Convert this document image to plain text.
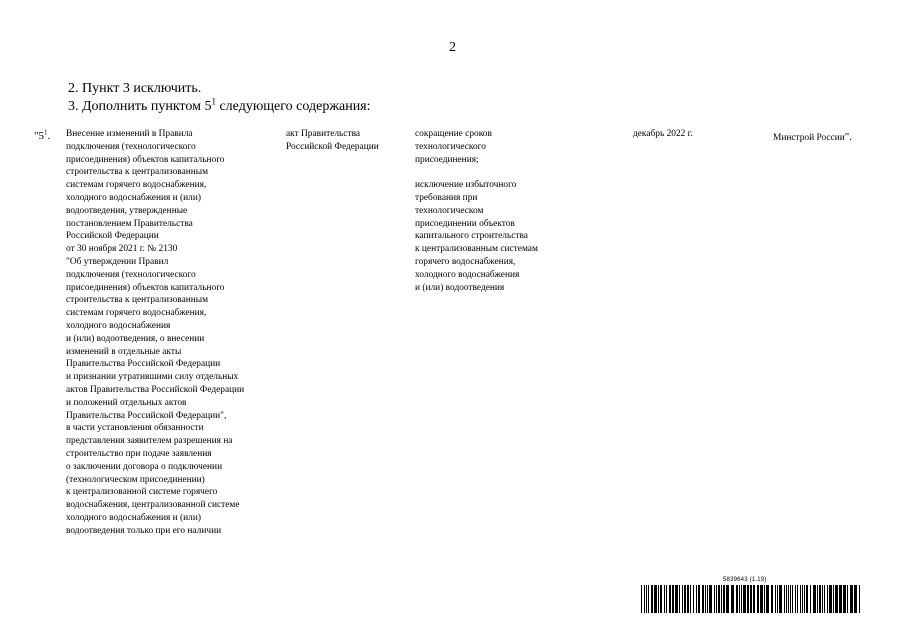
2
2. Пункт 3 исключить.
3. Дополнить пунктом $5^1$ следующего содержания:
"$5^1$. Внесение изменений в Правила
подключения (технологического
присоединения) объектов капитального
строительства к централизованным
системам горячего водоснабжения,
холодного водоснабжения и (или)
водоотведения, утвержденные
постановлением Правительства
Российской Федерации
от 30 ноября 2021 г. № 2130
"Об утверждении Правил
подключения (технологического
присоединения) объектов капитального
строительства к централизованным
системам горячего водоснабжения,
холодного водоснабжения
и (или) водоотведения, о внесении
изменений в отдельные акты
Правительства Российской Федерации
и признании утратившими силу отдельных
актов Правительства Российской Федерации
и положений отдельных актов
Правительства Российской Федерации",
в части установления обязанности
представления заявителем разрешения на
строительство при подаче заявления
о заключении договора о подключении
(технологическом присоединении)
к централизованной системе горячего
водоснабжения, централизованной системе
холодного водоснабжения и (или)
водоотведения только при его наличии
акт Правительства
Российской Федерации
сокращение сроков
технологического
присоединения;

исключение избыточного
требования при
технологическом
присоединении объектов
капитального строительства
к централизованным системам
горячего водоснабжения,
холодного водоснабжения
и (или) водоотведения
декабрь 2022 г.	Минстрой России".
5839643 (1.19)
